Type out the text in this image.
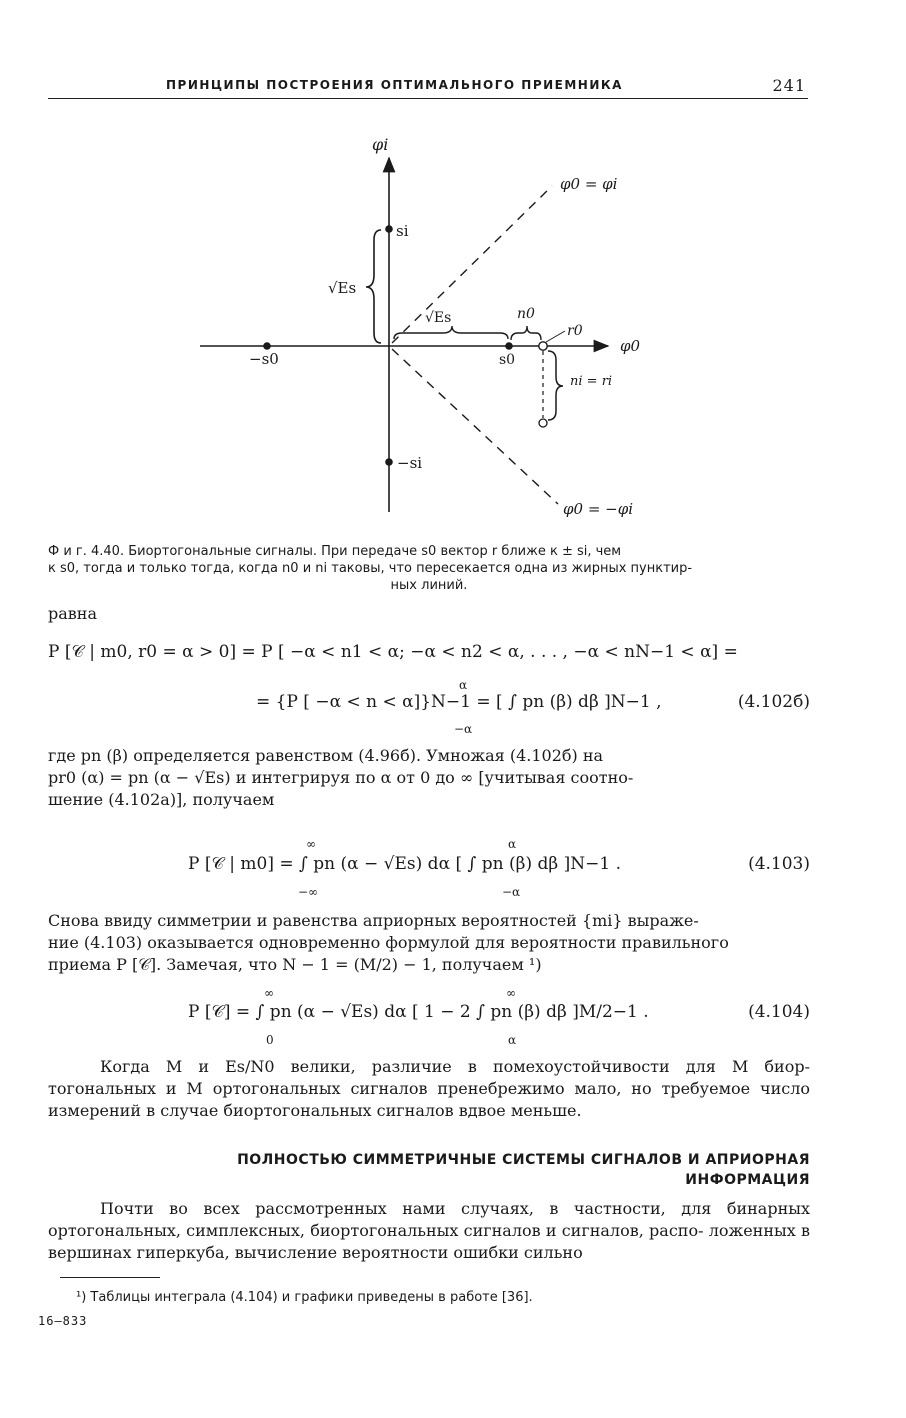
ПРИНЦИПЫ ПОСТРОЕНИЯ ОПТИМАЛЬНОГО ПРИЕМНИКА	241
φi
φ0
φ0 = φi
φ0 = −φi
si
−si
s0
−s0
√Es
√Es	n0
r0
ni = ri
Ф и г. 4.40. Биортогональные сигналы. При передаче s0 вектор r ближе к ± si, чем
к s0, тогда и только тогда, когда n0 и ni таковы, что пересекается одна из жирных пунктир-
ных линий.
равна
P [𝒞 | m0, r0 = α > 0] = P [ −α < n1 < α; −α < n2 < α, . . . , −α < nN−1 < α] =
= {P [ −α < n < α]}N−1 = [ ∫ pn (β) dβ ]N−1 ,	(4.102б)
α
−α
где pn (β) определяется равенством (4.96б). Умножая (4.102б) на
pr0 (α) = pn (α − √Es) и интегрируя по α от 0 до ∞ [учитывая соотно-
шение (4.102а)], получаем
P [𝒞 | m0] = ∫ pn (α − √Es) dα [ ∫ pn (β) dβ ]N−1 .	(4.103)
∞
−∞
α
−α
Снова ввиду симметрии и равенства априорных вероятностей {mi} выраже-
ние (4.103) оказывается одновременно формулой для вероятности правильного
приема P [𝒞]. Замечая, что N − 1 = (M/2) − 1, получаем ¹)
P [𝒞] = ∫ pn (α − √Es) dα [ 1 − 2 ∫ pn (β) dβ ]M/2−1 .	(4.104)
∞
0
∞
α
Когда M и Es/N0 велики, различие в помехоустойчивости для M биор- тогональных и M ортогональных сигналов пренебрежимо мало, но требуемое число измерений в случае биортогональных сигналов вдвое меньше.
ПОЛНОСТЬЮ СИММЕТРИЧНЫЕ СИСТЕМЫ СИГНАЛОВ И АПРИОРНАЯ
ИНФОРМАЦИЯ
Почти во всех рассмотренных нами случаях, в частности, для бинарных ортогональных, симплексных, биортогональных сигналов и сигналов, распо- ложенных в вершинах гиперкуба, вычисление вероятности ошибки сильно
¹) Таблицы интеграла (4.104) и графики приведены в работе [36].
16—833
